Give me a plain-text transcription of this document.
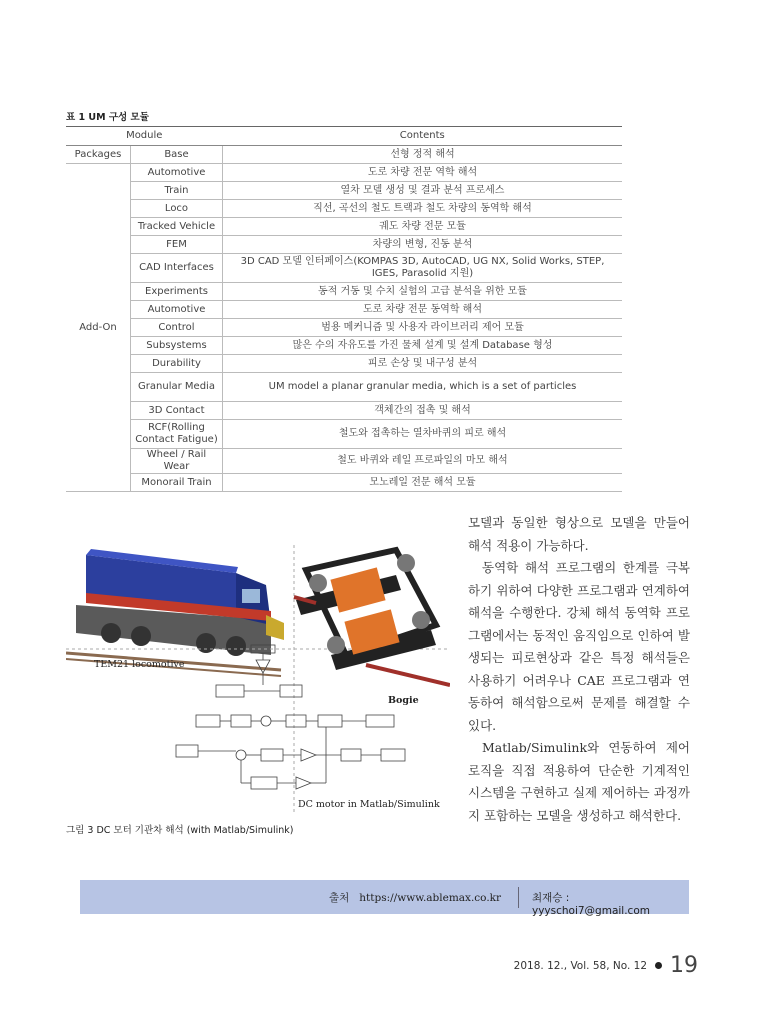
표 1 UM 구성 모듈
Module		Contents
Packages	Base	선형 정적 해석
Add-On	Automotive	도로 차량 전문 역학 해석
	Train	열차 모델 생성 및 결과 분석 프로세스
	Loco	직선, 곡선의 철도 트랙과 철도 차량의 동역학 해석
	Tracked Vehicle	궤도 차량 전문 모듈
	FEM	차량의 변형, 진동 분석
	CAD Interfaces	3D CAD 모델 인터페이스(KOMPAS 3D, AutoCAD, UG NX, Solid Works, STEP, IGES, Parasolid 지원)
	Experiments	동적 거동 및 수치 실험의 고급 분석을 위한 모듈
	Automotive	도로 차량 전문 동역학 해석
	Control	범용 메커니즘 및 사용자 라이브러리 제어 모듈
	Subsystems	많은 수의 자유도를 가진 물체 설계 및 설계 Database 형성
	Durability	피로 손상 및 내구성 분석
	Granular Media	UM model a planar granular media, which is a set of particles
	3D Contact	객체간의 접촉 및 해석
	RCF(Rolling Contact Fatigue)	철도와 접촉하는 열차바퀴의 피로 해석
	Wheel / Rail Wear	철도 바퀴와 레일 프로파일의 마모 해석
	Monorail Train	모노레일 전문 해석 모듈
TEM21 locomotive
Bogie
DC motor in Matlab/Simulink
그림 3 DC 모터 기관차 해석 (with Matlab/Simulink)

모델과 동일한 형상으로 모델을 만들어 해석 적용이 가능하다.

동역학 해석 프로그램의 한계를 극복하기 위하여 다양한 프로그램과 연계하여 해석을 수행한다. 강체 해석 동역학 프로그램에서는 동적인 움직임으로 인하여 발생되는 피로현상과 같은 특정 해석들은 사용하기 어려우나 CAE 프로그램과 연동하여 해석함으로써 문제를 해결할 수 있다.

Matlab/Simulink와 연동하여 제어로직을 직접 적용하여 단순한 기계적인 시스템을 구현하고 실제 제어하는 과정까지 포함하는 모델을 생성하고 해석한다.

출처 https://www.ablemax.co.kr	최재승 : yyyschoi7@gmail.com
2018. 12., Vol. 58, No. 12 19
